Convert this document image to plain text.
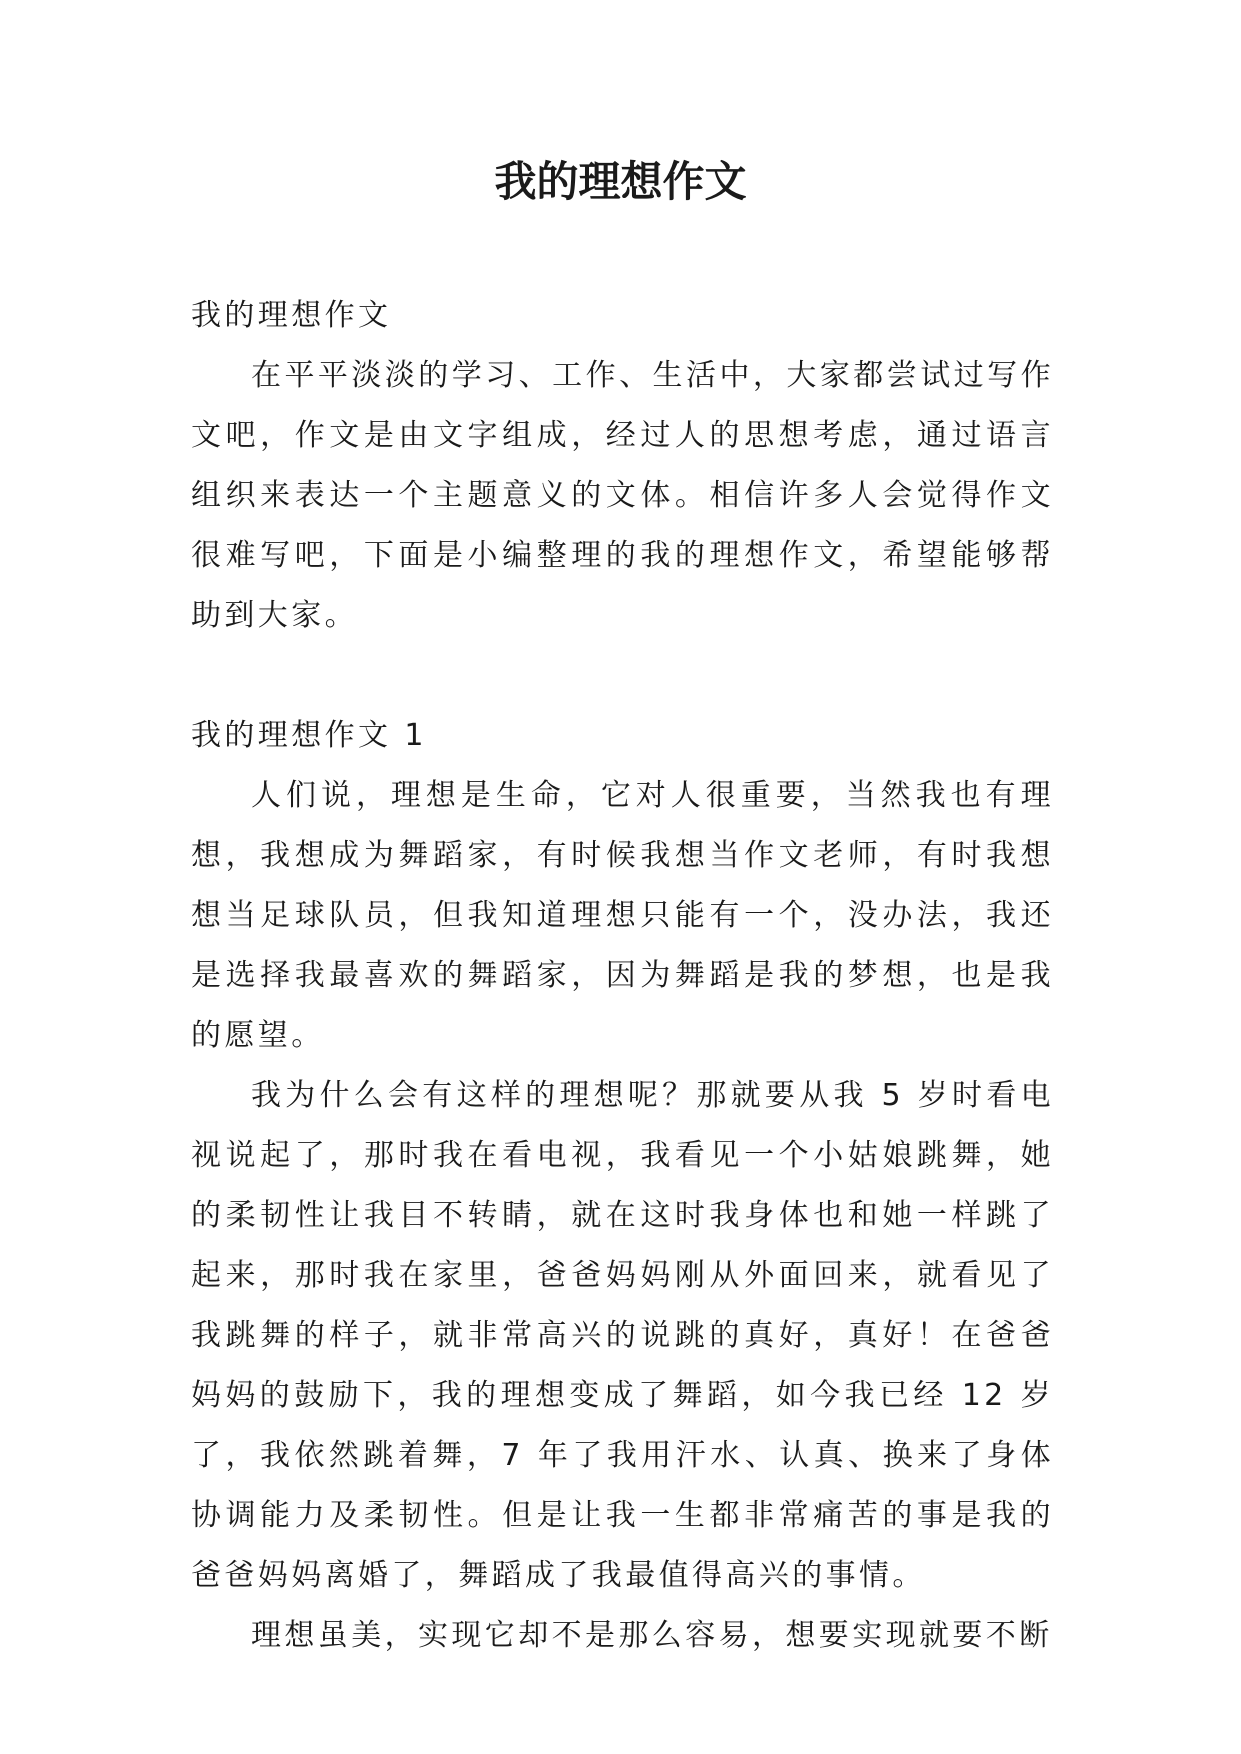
我的理想作文

我的理想作文

在平平淡淡的学习、工作、生活中，大家都尝试过写作文吧，作文是由文字组成，经过人的思想考虑，通过语言组织来表达一个主题意义的文体。相信许多人会觉得作文很难写吧，下面是小编整理的我的理想作文，希望能够帮助到大家。

我的理想作文 1

人们说，理想是生命，它对人很重要，当然我也有理想，我想成为舞蹈家，有时候我想当作文老师，有时我想想当足球队员，但我知道理想只能有一个，没办法，我还是选择我最喜欢的舞蹈家，因为舞蹈是我的梦想，也是我的愿望。

我为什么会有这样的理想呢？那就要从我 5 岁时看电视说起了，那时我在看电视，我看见一个小姑娘跳舞，她的柔韧性让我目不转睛，就在这时我身体也和她一样跳了起来，那时我在家里，爸爸妈妈刚从外面回来，就看见了我跳舞的样子，就非常高兴的说跳的真好，真好！在爸爸妈妈的鼓励下，我的理想变成了舞蹈，如今我已经 12 岁了，我依然跳着舞，7 年了我用汗水、认真、换来了身体协调能力及柔韧性。但是让我一生都非常痛苦的事是我的爸爸妈妈离婚了，舞蹈成了我最值得高兴的事情。

理想虽美，实现它却不是那么容易，想要实现就要不断
